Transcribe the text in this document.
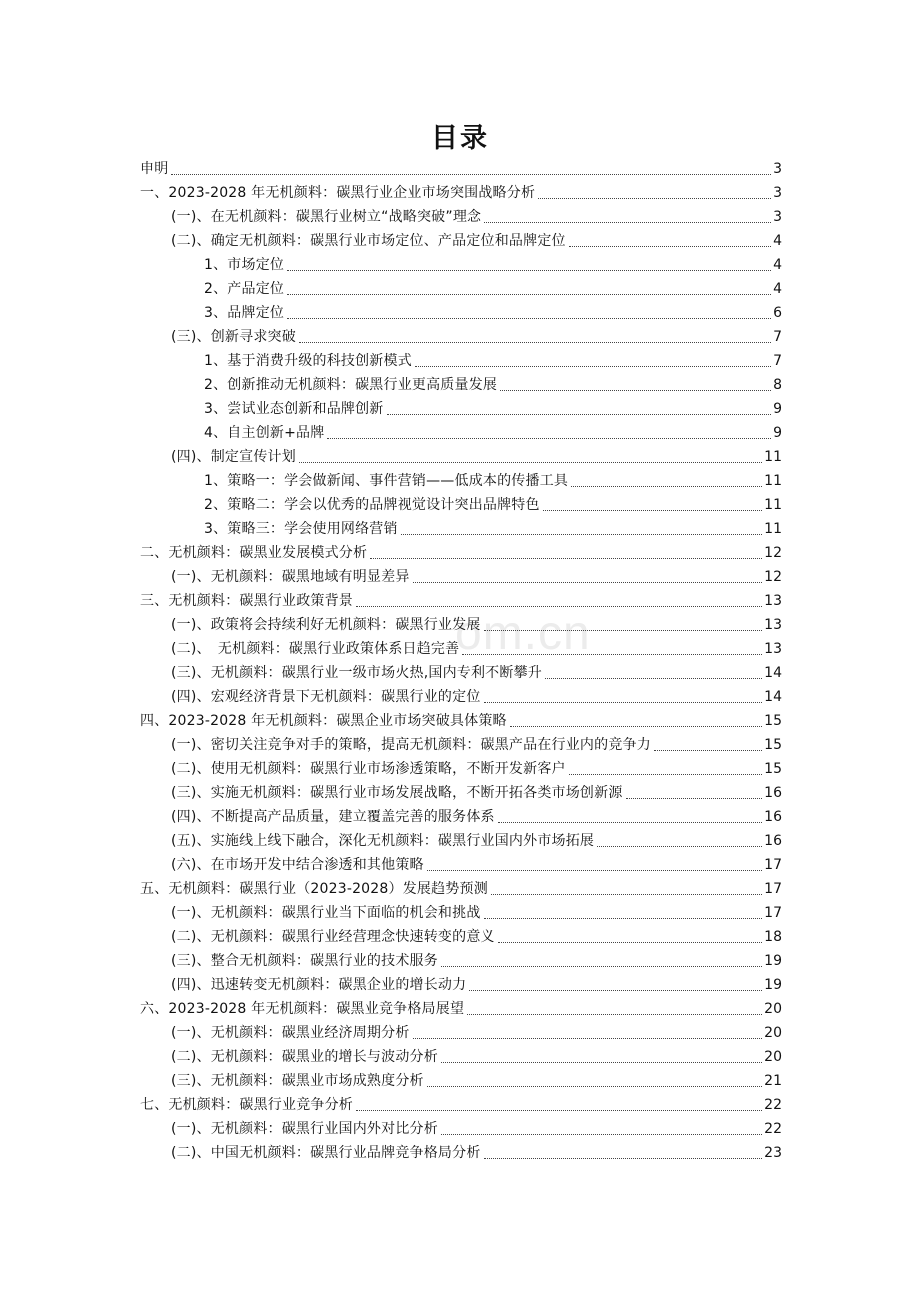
目录
om.cn
申明	3
一、2023-2028 年无机颜料：碳黑行业企业市场突围战略分析	3
(一)、在无机颜料：碳黑行业树立“战略突破”理念	3
(二)、确定无机颜料：碳黑行业市场定位、产品定位和品牌定位	4
1、市场定位	4
2、产品定位	4
3、品牌定位	6
(三)、创新寻求突破	7
1、基于消费升级的科技创新模式	7
2、创新推动无机颜料：碳黑行业更高质量发展	8
3、尝试业态创新和品牌创新	9
4、自主创新+品牌	9
(四)、制定宣传计划	11
1、策略一：学会做新闻、事件营销——低成本的传播工具	11
2、策略二：学会以优秀的品牌视觉设计突出品牌特色	11
3、策略三：学会使用网络营销	11
二、无机颜料：碳黑业发展模式分析	12
(一)、无机颜料：碳黑地域有明显差异	12
三、无机颜料：碳黑行业政策背景	13
(一)、政策将会持续利好无机颜料：碳黑行业发展	13
(二)、　无机颜料：碳黑行业政策体系日趋完善	13
(三)、无机颜料：碳黑行业一级市场火热,国内专利不断攀升	14
(四)、宏观经济背景下无机颜料：碳黑行业的定位	14
四、2023-2028 年无机颜料：碳黑企业市场突破具体策略	15
(一)、密切关注竞争对手的策略，提高无机颜料：碳黑产品在行业内的竞争力	15
(二)、使用无机颜料：碳黑行业市场渗透策略，不断开发新客户	15
(三)、实施无机颜料：碳黑行业市场发展战略，不断开拓各类市场创新源	16
(四)、不断提高产品质量，建立覆盖完善的服务体系	16
(五)、实施线上线下融合，深化无机颜料：碳黑行业国内外市场拓展	16
(六)、在市场开发中结合渗透和其他策略	17
五、无机颜料：碳黑行业（2023-2028）发展趋势预测	17
(一)、无机颜料：碳黑行业当下面临的机会和挑战	17
(二)、无机颜料：碳黑行业经营理念快速转变的意义	18
(三)、整合无机颜料：碳黑行业的技术服务	19
(四)、迅速转变无机颜料：碳黑企业的增长动力	19
六、2023-2028 年无机颜料：碳黑业竞争格局展望	20
(一)、无机颜料：碳黑业经济周期分析	20
(二)、无机颜料：碳黑业的增长与波动分析	20
(三)、无机颜料：碳黑业市场成熟度分析	21
七、无机颜料：碳黑行业竞争分析	22
(一)、无机颜料：碳黑行业国内外对比分析	22
(二)、中国无机颜料：碳黑行业品牌竞争格局分析	23
